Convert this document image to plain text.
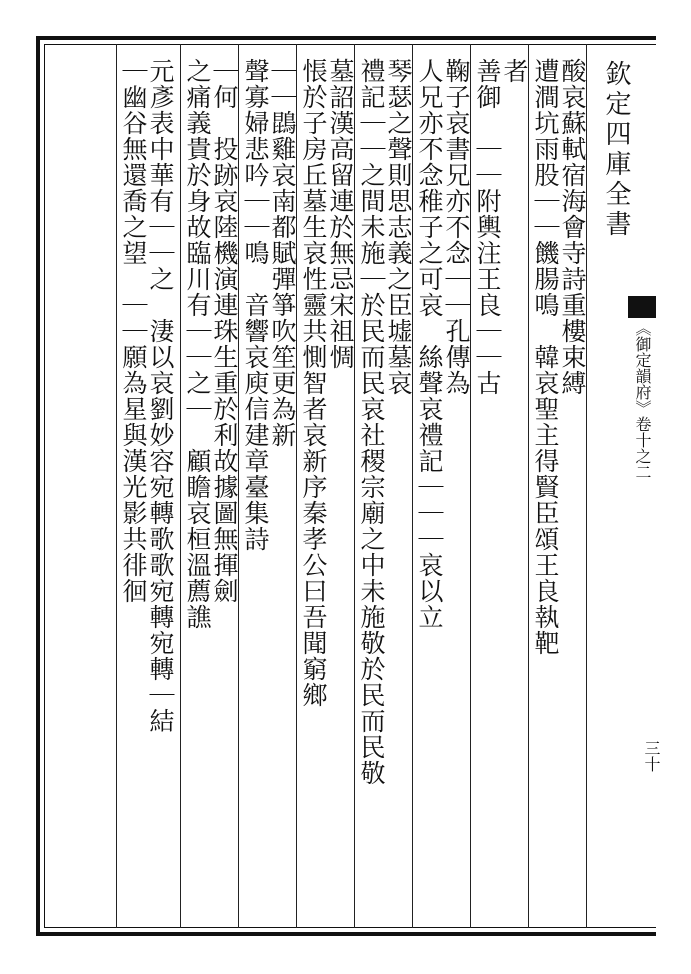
欽定四庫全書
《御定韻府》卷十之二
三十
酸哀蘇軾宿海會寺詩重樓束縛
遭澗坑雨股｜｜饑腸鳴　韓哀聖主得賢臣頌王良執靶
者
善御　｜｜附輿注王良｜｜古
鞠子哀書兄亦不念｜｜孔傳為
人兄亦不念稚子之可哀　絲聲哀禮記｜｜｜哀以立
琴瑟之聲則思志義之臣墟墓哀
禮記｜｜之間未施｜於民而民哀社稷宗廟之中未施敬於民而民敬
墓詔漢高留連於無忌宋祖惆
悵於子房丘墓生哀性靈共惻智者哀新序秦孝公曰吾聞窮鄉
｜｜鵾雞哀南都賦彈箏吹笙更為新
聲寡婦悲吟｜｜鳴　音響哀庾信建章臺集詩
｜何　投跡哀陸機演連珠生重於利故據圖無揮劍
之痛義貴於身故臨川有｜｜之｜　顧瞻哀桓溫薦譙
元彥表中華有｜｜之　淒以哀劉妙容宛轉歌歌宛轉宛轉｜結
｜幽谷無還喬之望　｜｜願為星與漢光影共徘徊
